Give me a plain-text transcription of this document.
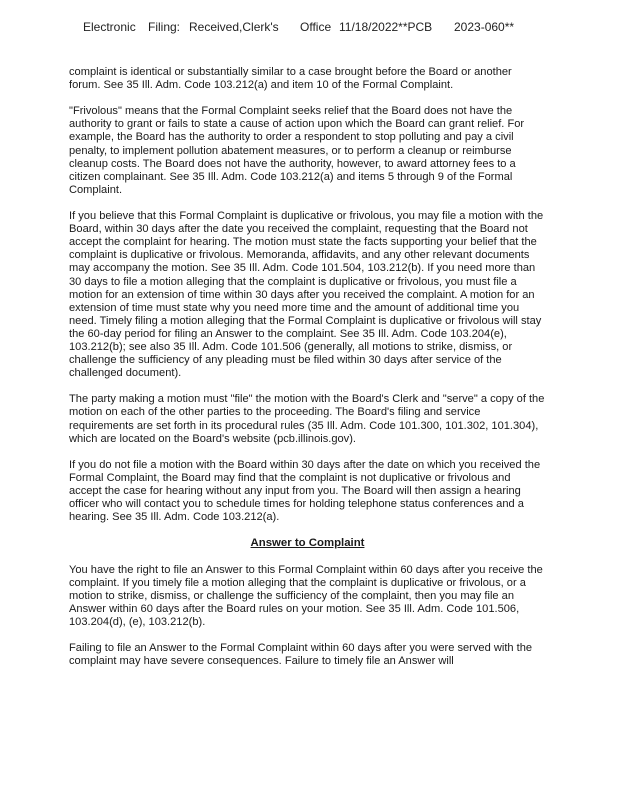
Electronic Filing: Received,Clerk's Office 11/18/2022**PCB 2023-060**

complaint is identical or substantially similar to a case brought before the Board or another forum. See 35 Ill. Adm. Code 103.212(a) and item 10 of the Formal Complaint.

"Frivolous" means that the Formal Complaint seeks relief that the Board does not have the authority to grant or fails to state a cause of action upon which the Board can grant relief. For example, the Board has the authority to order a respondent to stop polluting and pay a civil penalty, to implement pollution abatement measures, or to perform a cleanup or reimburse cleanup costs. The Board does not have the authority, however, to award attorney fees to a citizen complainant. See 35 Ill. Adm. Code 103.212(a) and items 5 through 9 of the Formal Complaint.

If you believe that this Formal Complaint is duplicative or frivolous, you may file a motion with the Board, within 30 days after the date you received the complaint, requesting that the Board not accept the complaint for hearing. The motion must state the facts supporting your belief that the complaint is duplicative or frivolous. Memoranda, affidavits, and any other relevant documents may accompany the motion. See 35 Ill. Adm. Code 101.504, 103.212(b). If you need more than 30 days to file a motion alleging that the complaint is duplicative or frivolous, you must file a motion for an extension of time within 30 days after you received the complaint. A motion for an extension of time must state why you need more time and the amount of additional time you need. Timely filing a motion alleging that the Formal Complaint is duplicative or frivolous will stay the 60-day period for filing an Answer to the complaint. See 35 Ill. Adm. Code 103.204(e), 103.212(b); see also 35 Ill. Adm. Code 101.506 (generally, all motions to strike, dismiss, or challenge the sufficiency of any pleading must be filed within 30 days after service of the challenged document).

The party making a motion must "file" the motion with the Board's Clerk and "serve" a copy of the motion on each of the other parties to the proceeding. The Board's filing and service requirements are set forth in its procedural rules (35 Ill. Adm. Code 101.300, 101.302, 101.304), which are located on the Board's website (pcb.illinois.gov).

If you do not file a motion with the Board within 30 days after the date on which you received the Formal Complaint, the Board may find that the complaint is not duplicative or frivolous and accept the case for hearing without any input from you. The Board will then assign a hearing officer who will contact you to schedule times for holding telephone status conferences and a hearing. See 35 Ill. Adm. Code 103.212(a).

Answer to Complaint

You have the right to file an Answer to this Formal Complaint within 60 days after you receive the complaint. If you timely file a motion alleging that the complaint is duplicative or frivolous, or a motion to strike, dismiss, or challenge the sufficiency of the complaint, then you may file an Answer within 60 days after the Board rules on your motion. See 35 Ill. Adm. Code 101.506, 103.204(d), (e), 103.212(b).

Failing to file an Answer to the Formal Complaint within 60 days after you were served with the complaint may have severe consequences. Failure to timely file an Answer will
